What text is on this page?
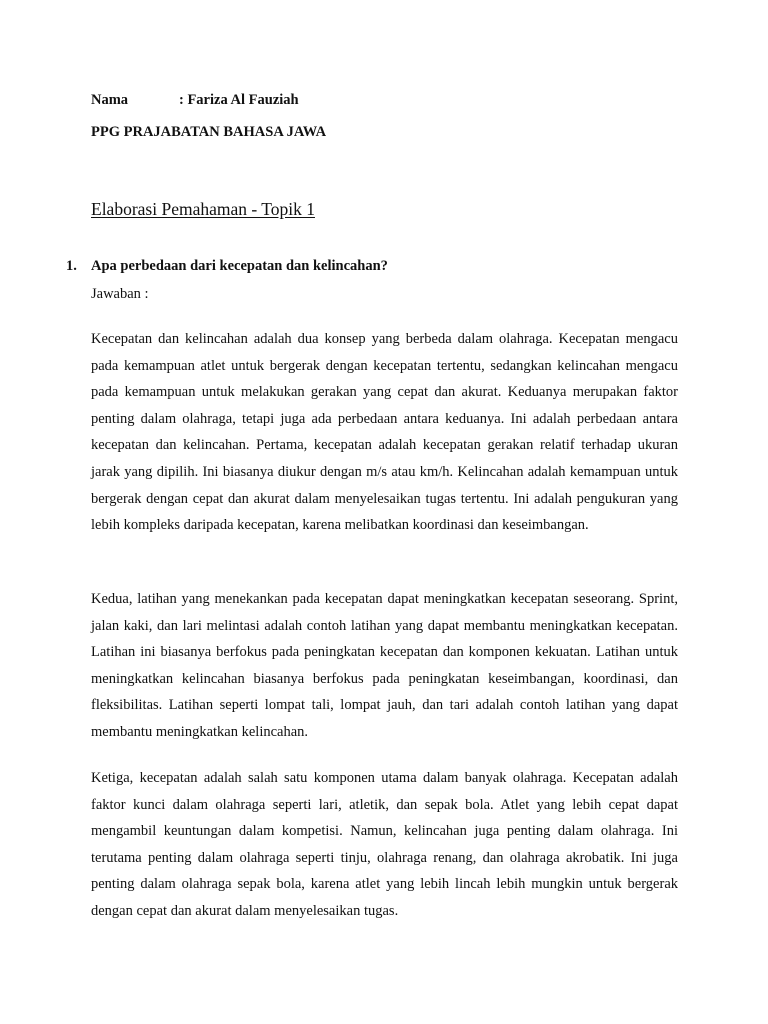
Nama	: Fariza Al Fauziah
PPG PRAJABATAN BAHASA JAWA
Elaborasi Pemahaman - Topik 1
1. Apa perbedaan dari kecepatan dan kelincahan?
Jawaban :

Kecepatan dan kelincahan adalah dua konsep yang berbeda dalam olahraga. Kecepatan mengacu pada kemampuan atlet untuk bergerak dengan kecepatan tertentu, sedangkan kelincahan mengacu pada kemampuan untuk melakukan gerakan yang cepat dan akurat. Keduanya merupakan faktor penting dalam olahraga, tetapi juga ada perbedaan antara keduanya. Ini adalah perbedaan antara kecepatan dan kelincahan. Pertama, kecepatan adalah kecepatan gerakan relatif terhadap ukuran jarak yang dipilih. Ini biasanya diukur dengan m/s atau km/h. Kelincahan adalah kemampuan untuk bergerak dengan cepat dan akurat dalam menyelesaikan tugas tertentu. Ini adalah pengukuran yang lebih kompleks daripada kecepatan, karena melibatkan koordinasi dan keseimbangan.

Kedua, latihan yang menekankan pada kecepatan dapat meningkatkan kecepatan seseorang. Sprint, jalan kaki, dan lari melintasi adalah contoh latihan yang dapat membantu meningkatkan kecepatan. Latihan ini biasanya berfokus pada peningkatan kecepatan dan komponen kekuatan. Latihan untuk meningkatkan kelincahan biasanya berfokus pada peningkatan keseimbangan, koordinasi, dan fleksibilitas. Latihan seperti lompat tali, lompat jauh, dan tari adalah contoh latihan yang dapat membantu meningkatkan kelincahan.

Ketiga, kecepatan adalah salah satu komponen utama dalam banyak olahraga. Kecepatan adalah faktor kunci dalam olahraga seperti lari, atletik, dan sepak bola. Atlet yang lebih cepat dapat mengambil keuntungan dalam kompetisi. Namun, kelincahan juga penting dalam olahraga. Ini terutama penting dalam olahraga seperti tinju, olahraga renang, dan olahraga akrobatik. Ini juga penting dalam olahraga sepak bola, karena atlet yang lebih lincah lebih mungkin untuk bergerak dengan cepat dan akurat dalam menyelesaikan tugas.
